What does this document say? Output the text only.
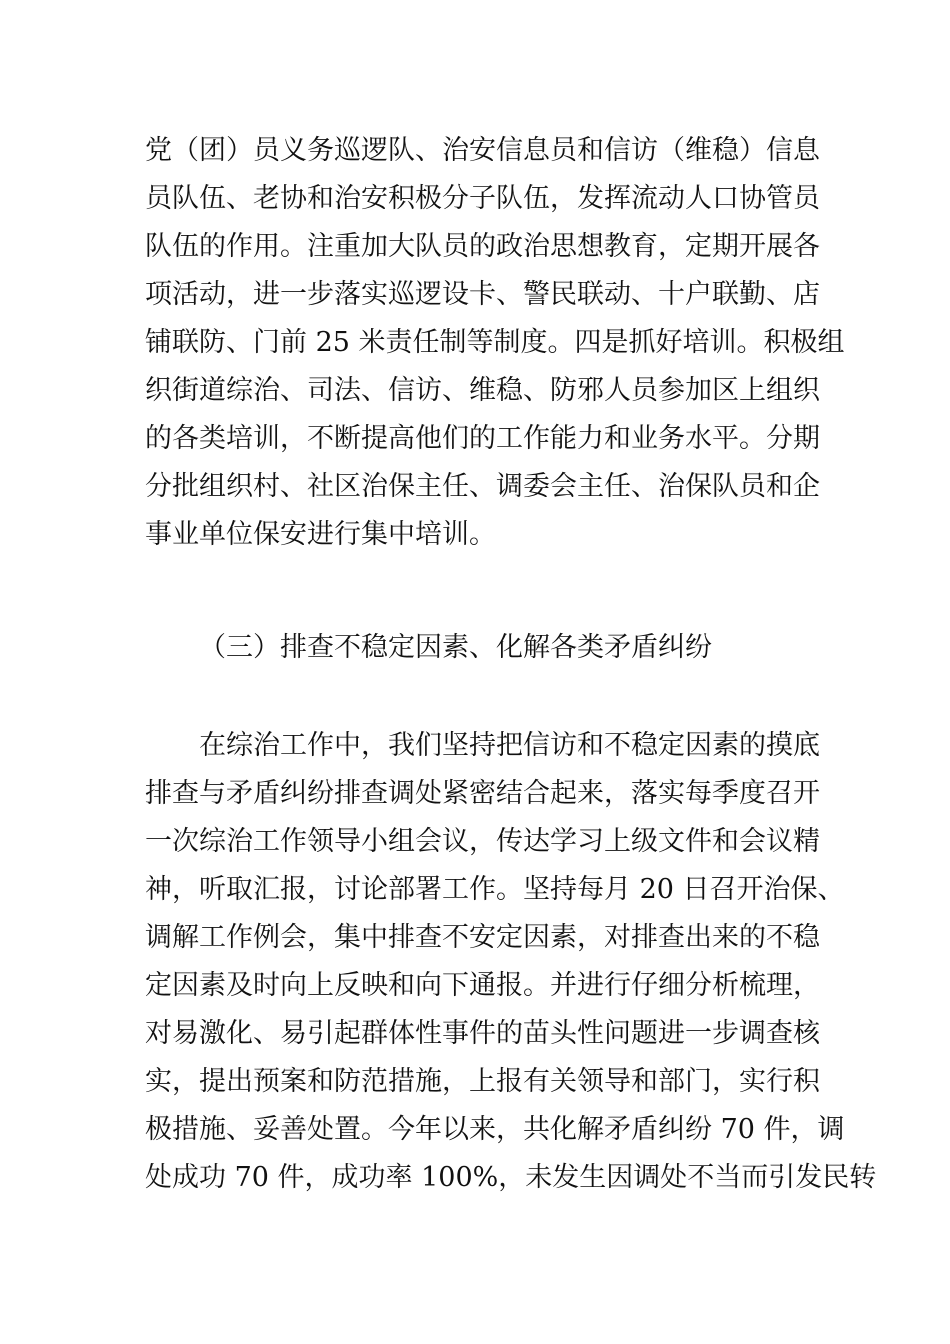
党（团）员义务巡逻队、治安信息员和信访（维稳）信息
员队伍、老协和治安积极分子队伍，发挥流动人口协管员
队伍的作用。注重加大队员的政治思想教育，定期开展各
项活动，进一步落实巡逻设卡、警民联动、十户联勤、店
铺联防、门前 25 米责任制等制度。四是抓好培训。积极组
织街道综治、司法、信访、维稳、防邪人员参加区上组织
的各类培训，不断提高他们的工作能力和业务水平。分期
分批组织村、社区治保主任、调委会主任、治保队员和企
事业单位保安进行集中培训。
（三）排查不稳定因素、化解各类矛盾纠纷
在综治工作中，我们坚持把信访和不稳定因素的摸底
排查与矛盾纠纷排查调处紧密结合起来，落实每季度召开
一次综治工作领导小组会议，传达学习上级文件和会议精
神，听取汇报，讨论部署工作。坚持每月 20 日召开治保、
调解工作例会，集中排查不安定因素，对排查出来的不稳
定因素及时向上反映和向下通报。并进行仔细分析梳理，
对易激化、易引起群体性事件的苗头性问题进一步调查核
实，提出预案和防范措施，上报有关领导和部门，实行积
极措施、妥善处置。今年以来，共化解矛盾纠纷 70 件，调
处成功 70 件，成功率 100%，未发生因调处不当而引发民转
